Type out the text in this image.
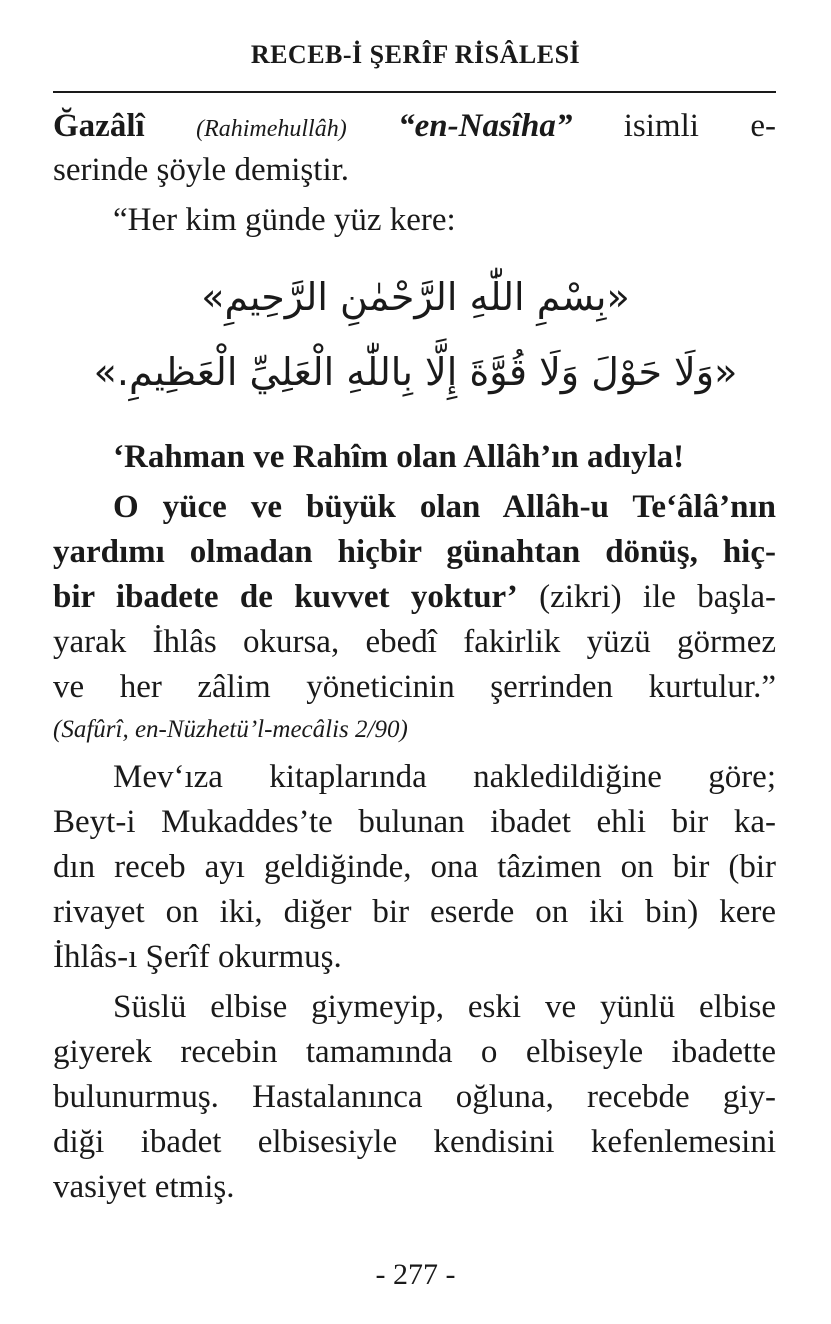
RECEB-İ ŞERÎF RİSÂLESİ
Ğazâlî (Rahimehullâh) “en-Nasîha” isimli e-
serinde şöyle demiştir.
“Her kim günde yüz kere:
«بِسْمِ اللّٰهِ الرَّحْمٰنِ الرَّحِيمِ»
«وَلَا حَوْلَ وَلَا قُوَّةَ إِلَّا بِاللّٰهِ الْعَلِيِّ الْعَظِيمِ.»
‘Rahman ve Rahîm olan Allâh’ın adıyla!
O yüce ve büyük olan Allâh-u Te‘âlâ’nın
yardımı olmadan hiçbir günahtan dönüş, hiç-
bir ibadete de kuvvet yoktur’ (zikri) ile başla-
yarak İhlâs okursa, ebedî fakirlik yüzü görmez
ve her zâlim yöneticinin şerrinden kurtulur.”
(Safûrî, en-Nüzhetü’l-mecâlis 2/90)
Mev‘ıza kitaplarında nakledildiğine göre;
Beyt-i Mukaddes’te bulunan ibadet ehli bir ka-
dın receb ayı geldiğinde, ona tâzimen on bir (bir
rivayet on iki, diğer bir eserde on iki bin) kere
İhlâs-ı Şerîf okurmuş.
Süslü elbise giymeyip, eski ve yünlü elbise
giyerek recebin tamamında o elbiseyle ibadette
bulunurmuş. Hastalanınca oğluna, recebde giy-
diği ibadet elbisesiyle kendisini kefenlemesini
vasiyet etmiş.
- 277 -
